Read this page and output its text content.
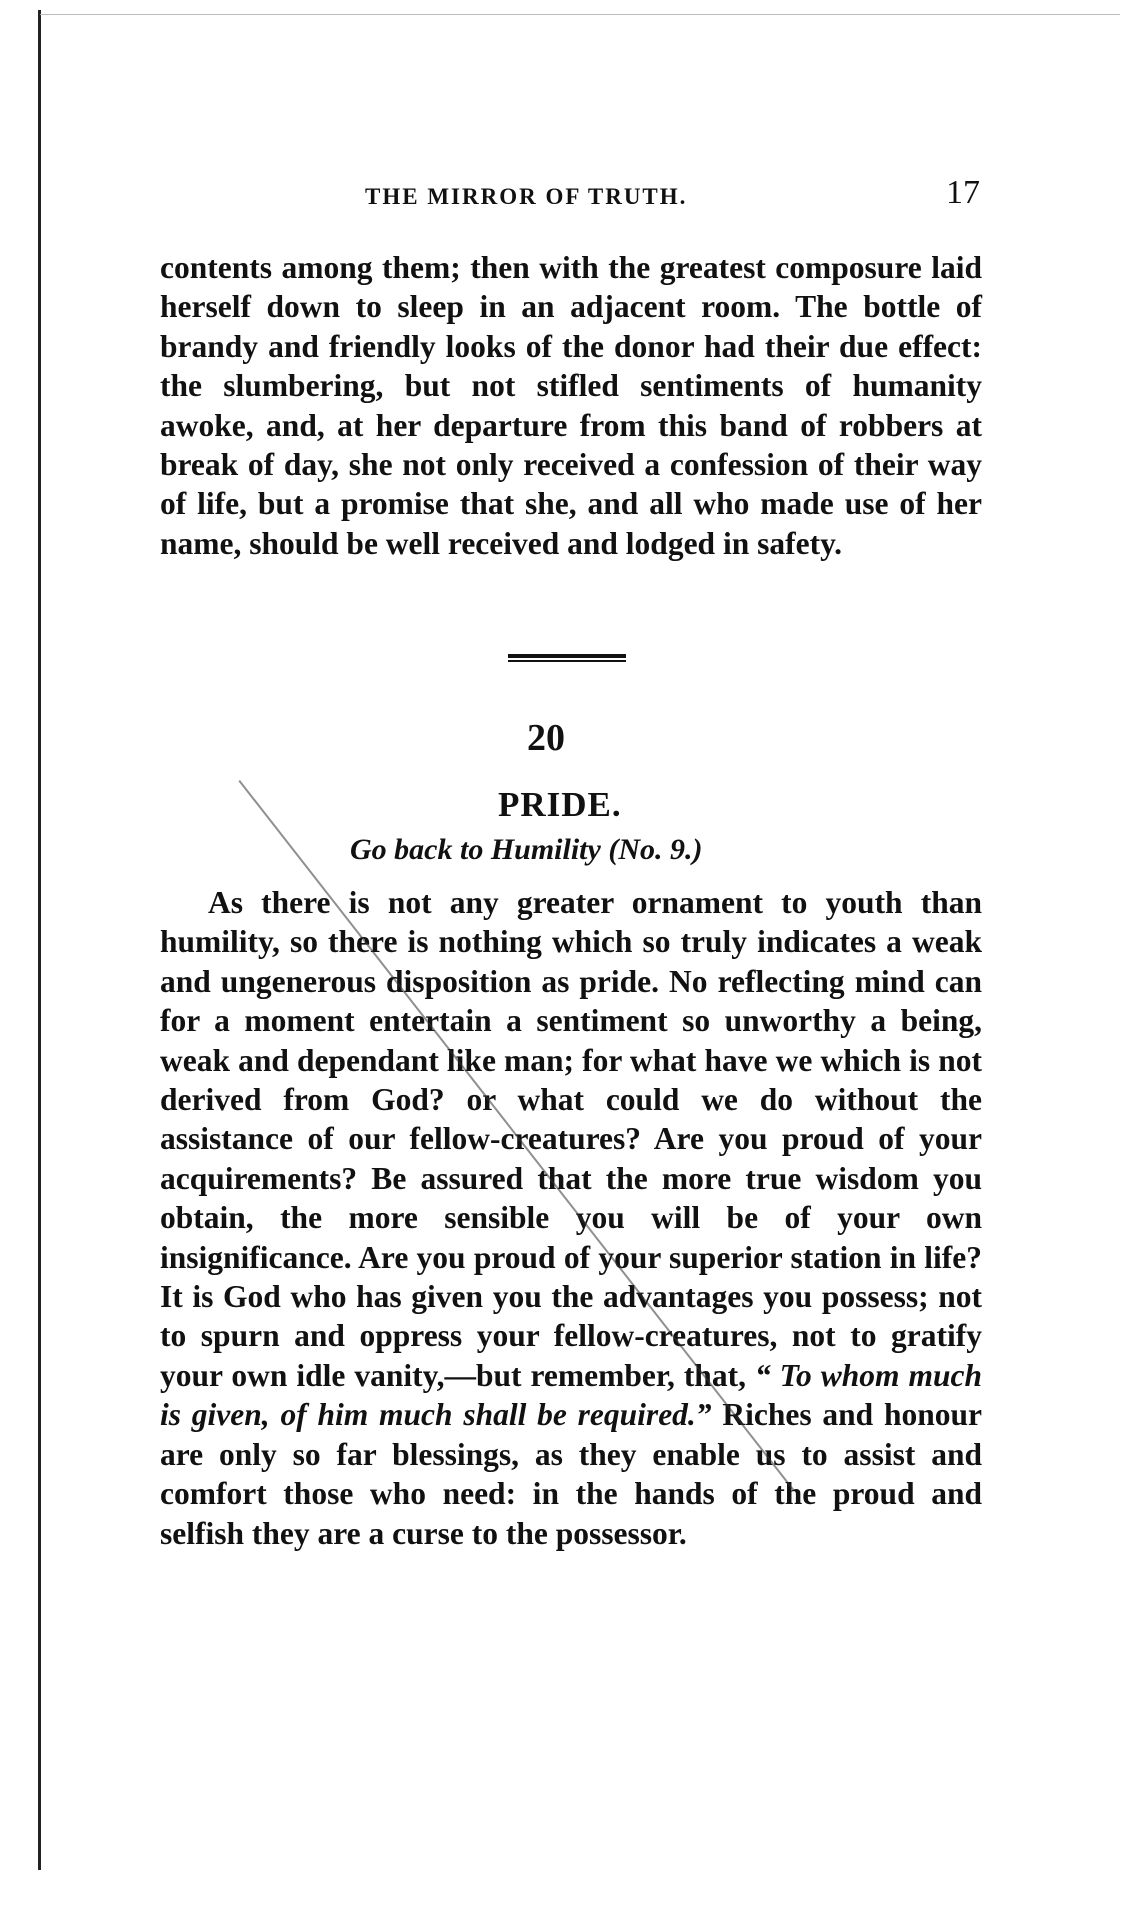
THE MIRROR OF TRUTH.	17

contents among them; then with the greatest composure laid herself down to sleep in an adjacent room. The bottle of brandy and friendly looks of the donor had their due effect: the slumbering, but not stifled sentiments of humanity awoke, and, at her departure from this band of robbers at break of day, she not only received a confession of their way of life, but a promise that she, and all who made use of her name, should be well received and lodged in safety.

20
PRIDE.
Go back to Humility (No. 9.)

As there is not any greater ornament to youth than humility, so there is nothing which so truly indicates a weak and ungenerous disposition as pride. No reflecting mind can for a moment entertain a sentiment so unworthy a being, weak and dependant like man; for what have we which is not derived from God? or what could we do without the assistance of our fellow-creatures? Are you proud of your acquirements? Be assured that the more true wisdom you obtain, the more sensible you will be of your own insignificance. Are you proud of your superior station in life? It is God who has given you the advantages you possess; not to spurn and oppress your fellow-creatures, not to gratify your own idle vanity,—but remember, that, “ To whom much is given, of him much shall be required.” Riches and honour are only so far blessings, as they enable us to assist and comfort those who need: in the hands of the proud and selfish they are a curse to the possessor.
